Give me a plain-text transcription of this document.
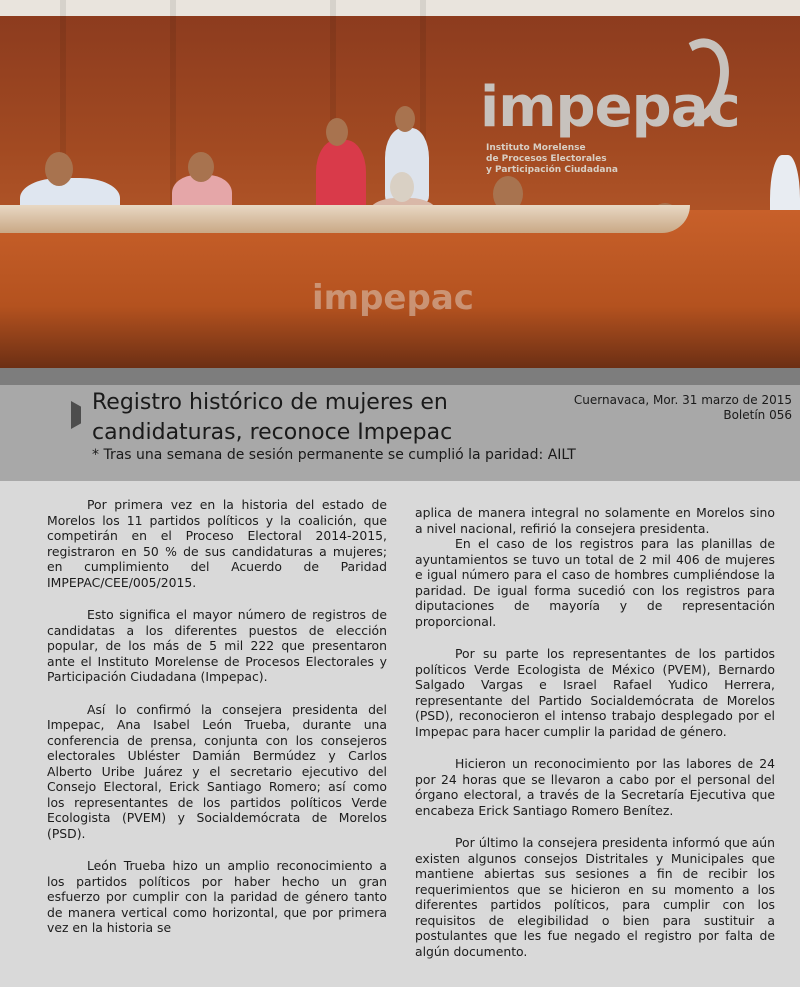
impepac
Instituto Morelense
de Procesos Electorales
y Participación Ciudadana
impepac
Registro histórico de mujeres en candidaturas, reconoce Impepac
* Tras una semana de sesión permanente se cumplió la paridad: AILT
Cuernavaca, Mor. 31 marzo de 2015
Boletín 056

Por primera vez en la historia del estado de Morelos los 11 partidos políticos y la coalición, que competirán en el Proceso Electoral 2014-2015, registraron en 50 % de sus candidaturas a mujeres; en cumplimiento del Acuerdo de Paridad IMPEPAC/CEE/005/2015.

Esto significa el mayor número de registros de candidatas a los diferentes puestos de elección popular, de los más de 5 mil 222 que presentaron ante el Instituto Morelense de Procesos Electorales y Participación Ciudadana (Impepac).

Así lo confirmó la consejera presidenta del Impepac, Ana Isabel León Trueba, durante una conferencia de prensa, conjunta con los consejeros electorales Ubléster Damián Bermúdez y Carlos Alberto Uribe Juárez y el secretario ejecutivo del Consejo Electoral, Erick Santiago Romero; así como los representantes de los partidos políticos Verde Ecologista (PVEM) y Socialdemócrata de Morelos (PSD).

León Trueba hizo un amplio reconocimiento a los partidos políticos por haber hecho un gran esfuerzo por cumplir con la paridad de género tanto de manera vertical como horizontal, que por primera vez en la historia se

aplica de manera integral no solamente en Morelos sino a nivel nacional, refirió la consejera presidenta.

En el caso de los registros para las planillas de ayuntamientos se tuvo un total de 2 mil 406 de mujeres e igual número para el caso de hombres cumpliéndose la paridad. De igual forma sucedió con los registros para diputaciones de mayoría y de representación proporcional.

Por su parte los representantes de los partidos políticos Verde Ecologista de México (PVEM), Bernardo Salgado Vargas e Israel Rafael Yudico Herrera, representante del Partido Socialdemócrata de Morelos (PSD), reconocieron el intenso trabajo desplegado por el Impepac para hacer cumplir la paridad de género.

Hicieron un reconocimiento por las labores de 24 por 24 horas que se llevaron a cabo por el personal del órgano electoral, a través de la Secretaría Ejecutiva que encabeza Erick Santiago Romero Benítez.

Por último la consejera presidenta informó que aún existen algunos consejos Distritales y Municipales que mantiene abiertas sus sesiones a fin de recibir los requerimientos que se hicieron en su momento a los diferentes partidos políticos, para cumplir con los requisitos de elegibilidad o bien para sustituir a postulantes que les fue negado el registro por falta de algún documento.
